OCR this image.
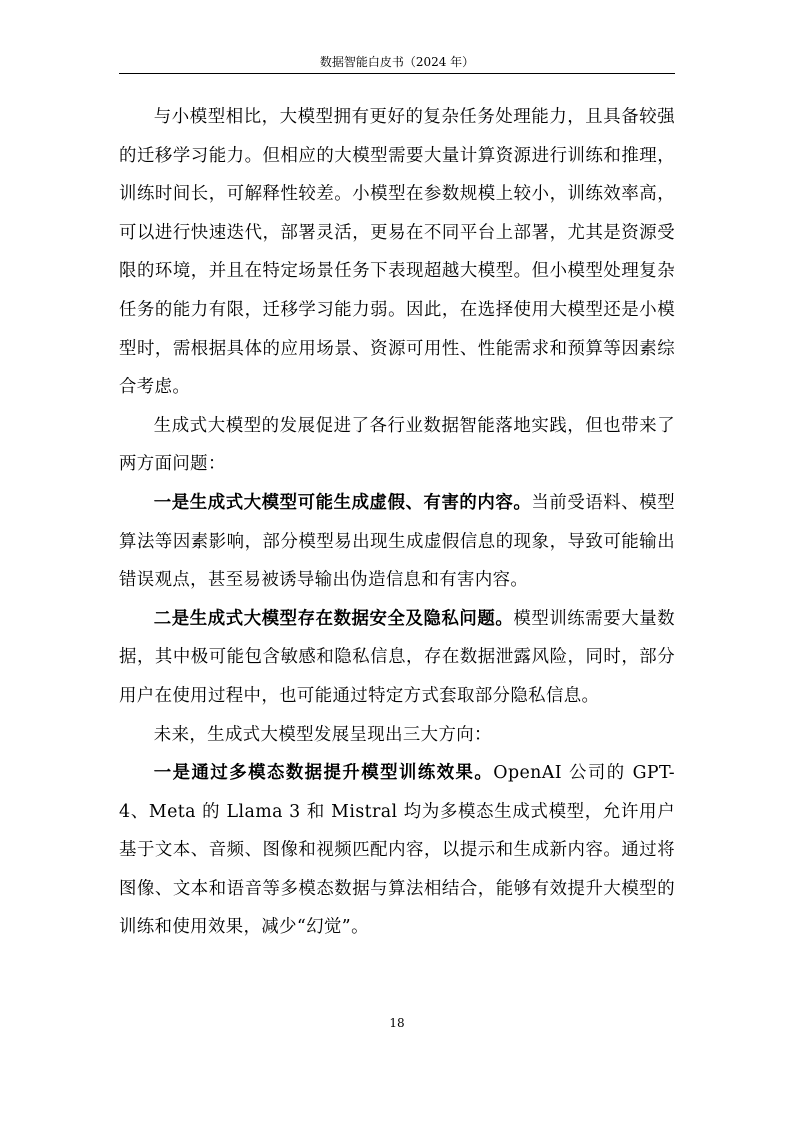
数据智能白皮书（2024 年）

与小模型相比，大模型拥有更好的复杂任务处理能力，且具备较强的迁移学习能力。但相应的大模型需要大量计算资源进行训练和推理，训练时间长，可解释性较差。小模型在参数规模上较小，训练效率高，可以进行快速迭代，部署灵活，更易在不同平台上部署，尤其是资源受限的环境，并且在特定场景任务下表现超越大模型。但小模型处理复杂任务的能力有限，迁移学习能力弱。因此，在选择使用大模型还是小模型时，需根据具体的应用场景、资源可用性、性能需求和预算等因素综合考虑。

生成式大模型的发展促进了各行业数据智能落地实践，但也带来了两方面问题：

一是生成式大模型可能生成虚假、有害的内容。当前受语料、模型算法等因素影响，部分模型易出现生成虚假信息的现象，导致可能输出错误观点，甚至易被诱导输出伪造信息和有害内容。

二是生成式大模型存在数据安全及隐私问题。模型训练需要大量数据，其中极可能包含敏感和隐私信息，存在数据泄露风险，同时，部分用户在使用过程中，也可能通过特定方式套取部分隐私信息。

未来，生成式大模型发展呈现出三大方向：

一是通过多模态数据提升模型训练效果。OpenAI 公司的 GPT-4、Meta 的 Llama 3 和 Mistral 均为多模态生成式模型，允许用户基于文本、音频、图像和视频匹配内容，以提示和生成新内容。通过将图像、文本和语音等多模态数据与算法相结合，能够有效提升大模型的训练和使用效果，减少“幻觉”。

18
